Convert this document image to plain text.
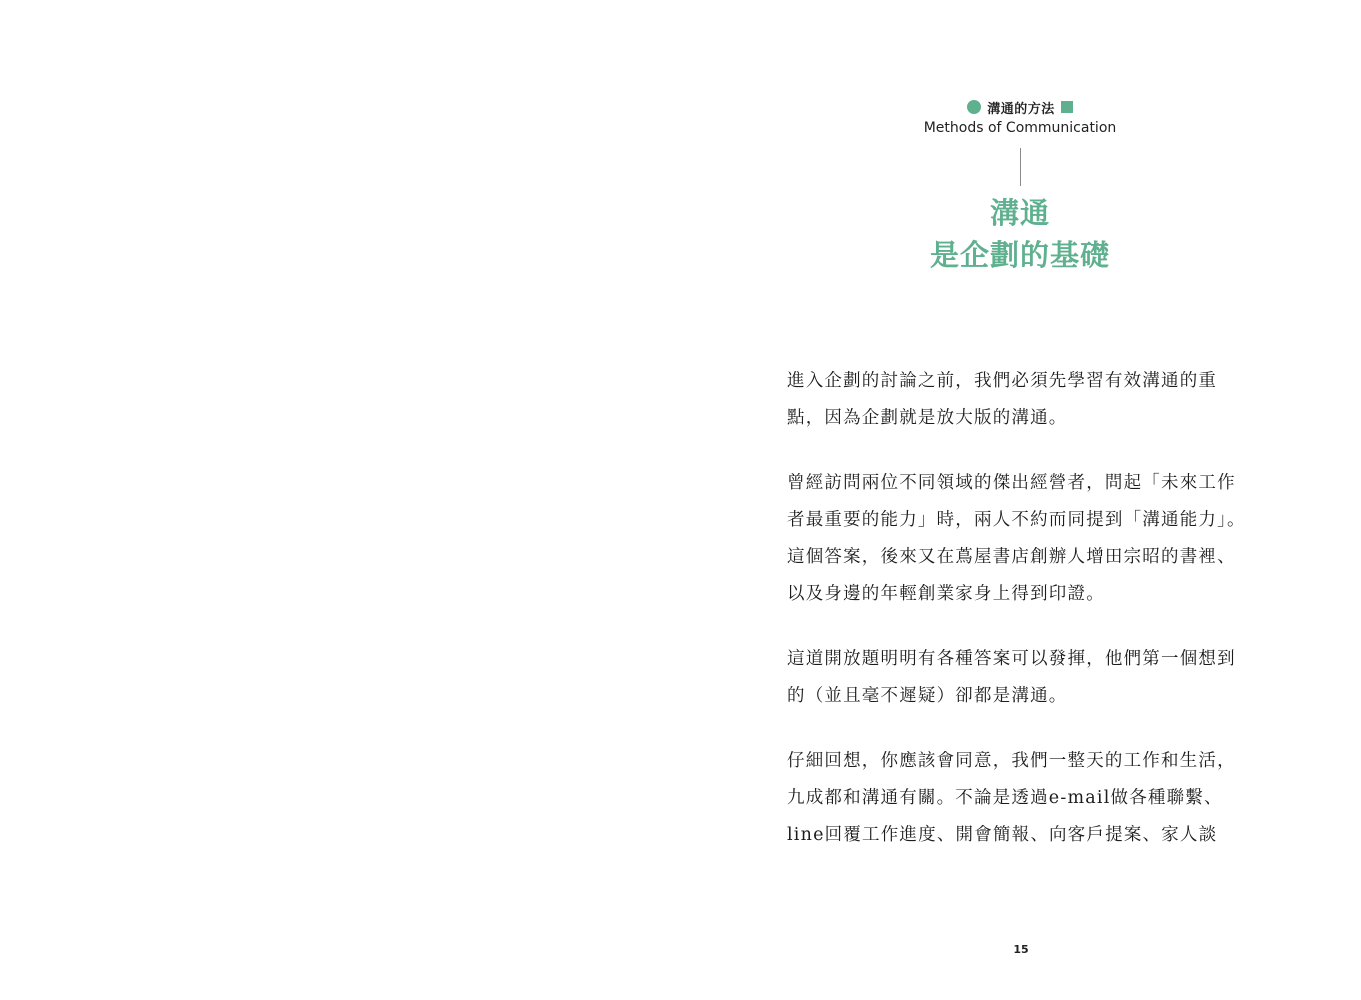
溝通的方法
Methods of Communication
溝通
是企劃的基礎
進入企劃的討論之前，我們必須先學習有效溝通的重
點，因為企劃就是放大版的溝通。
曾經訪問兩位不同領域的傑出經營者，問起「未來工作
者最重要的能力」時，兩人不約而同提到「溝通能力」。
這個答案，後來又在蔦屋書店創辦人增田宗昭的書裡、
以及身邊的年輕創業家身上得到印證。
這道開放題明明有各種答案可以發揮，他們第一個想到
的（並且毫不遲疑）卻都是溝通。
仔細回想，你應該會同意，我們一整天的工作和生活，
九成都和溝通有關。不論是透過e-mail做各種聯繫、
line回覆工作進度、開會簡報、向客戶提案、家人談
15
